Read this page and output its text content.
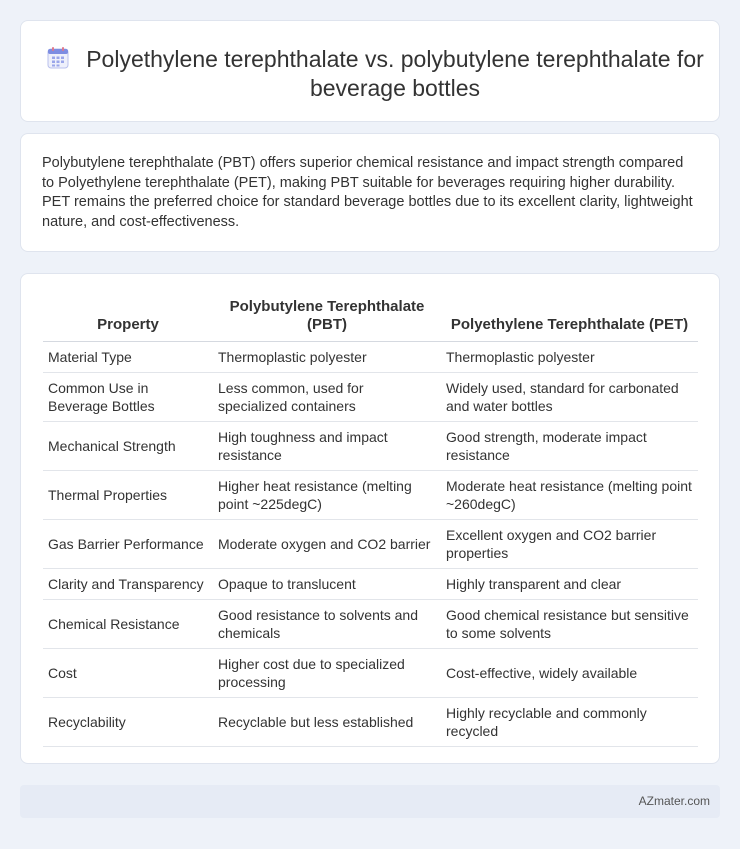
Polyethylene terephthalate vs. polybutylene terephthalate for beverage bottles

Polybutylene terephthalate (PBT) offers superior chemical resistance and impact strength compared to Polyethylene terephthalate (PET), making PBT suitable for beverages requiring higher durability. PET remains the preferred choice for standard beverage bottles due to its excellent clarity, lightweight nature, and cost-effectiveness.

Property	Polybutylene Terephthalate (PBT)	Polyethylene Terephthalate (PET)
Material Type	Thermoplastic polyester	Thermoplastic polyester
Common Use in Beverage Bottles	Less common, used for specialized containers	Widely used, standard for carbonated and water bottles
Mechanical Strength	High toughness and impact resistance	Good strength, moderate impact resistance
Thermal Properties	Higher heat resistance (melting point ~225degC)	Moderate heat resistance (melting point ~260degC)
Gas Barrier Performance	Moderate oxygen and CO2 barrier	Excellent oxygen and CO2 barrier properties
Clarity and Transparency	Opaque to translucent	Highly transparent and clear
Chemical Resistance	Good resistance to solvents and chemicals	Good chemical resistance but sensitive to some solvents
Cost	Higher cost due to specialized processing	Cost-effective, widely available
Recyclability	Recyclable but less established	Highly recyclable and commonly recycled
AZmater.com
